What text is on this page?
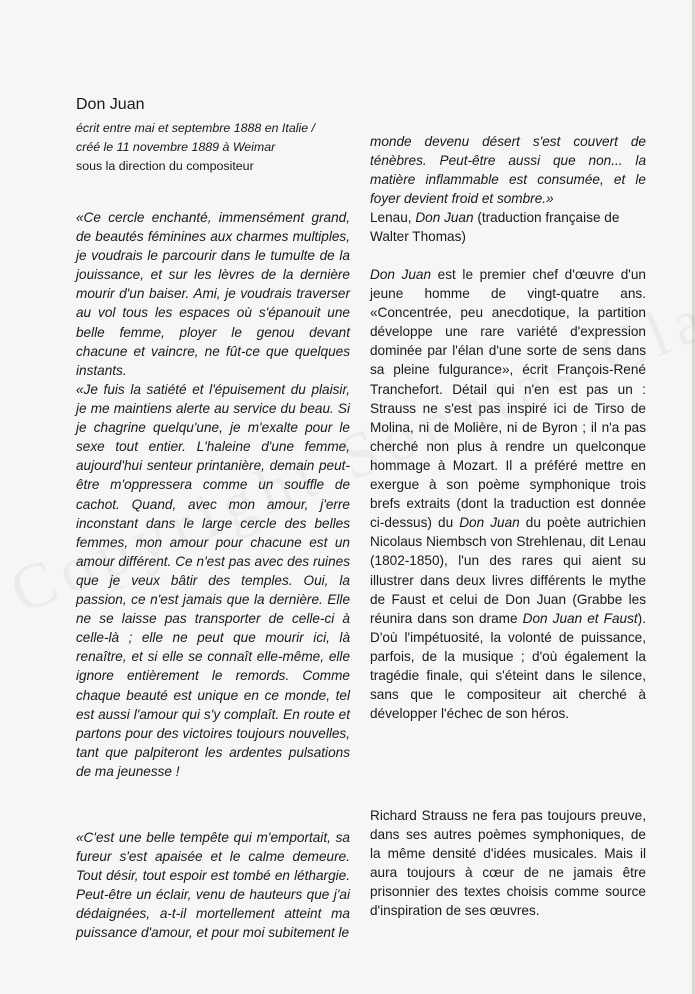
Don Juan
écrit entre mai et septembre 1888 en Italie /
créé le 11 novembre 1889 à Weimar
sous la direction du compositeur

«Ce cercle enchanté, immensément grand, de beautés féminines aux charmes multiples, je voudrais le parcourir dans le tumulte de la jouissance, et sur les lèvres de la dernière mourir d'un baiser. Ami, je voudrais traverser au vol tous les espaces où s'épanouit une belle femme, ployer le genou devant chacune et vaincre, ne fût-ce que quelques instants.

«Je fuis la satiété et l'épuisement du plaisir, je me maintiens alerte au service du beau. Si je chagrine quelqu'une, je m'exalte pour le sexe tout entier. L'haleine d'une femme, aujourd'hui senteur printanière, demain peut-être m'oppressera comme un souffle de cachot. Quand, avec mon amour, j'erre inconstant dans le large cercle des belles femmes, mon amour pour chacune est un amour différent. Ce n'est pas avec des ruines que je veux bâtir des temples. Oui, la passion, ce n'est jamais que la dernière. Elle ne se laisse pas transporter de celle-ci à celle-là ; elle ne peut que mourir ici, là renaître, et si elle se connaît elle-même, elle ignore entièrement le remords. Comme chaque beauté est unique en ce monde, tel est aussi l'amour qui s'y complaît. En route et partons pour des victoires toujours nouvelles, tant que palpiteront les ardentes pulsations de ma jeunesse !

«C'est une belle tempête qui m'emportait, sa fureur s'est apaisée et le calme demeure. Tout désir, tout espoir est tombé en léthargie. Peut-être un éclair, venu de hauteurs que j'ai dédaignées, a-t-il mortellement atteint ma puissance d'amour, et pour moi subitement le

monde devenu désert s'est couvert de ténèbres. Peut-être aussi que non... la matière inflammable est consumée, et le foyer devient froid et sombre.»

Lenau, Don Juan (traduction française de Walter Thomas)

Don Juan est le premier chef d'œuvre d'un jeune homme de vingt-quatre ans. «Concentrée, peu anecdotique, la partition développe une rare variété d'expression dominée par l'élan d'une sorte de sens dans sa pleine fulgurance», écrit François-René Tranchefort. Détail qui n'en est pas un : Strauss ne s'est pas inspiré ici de Tirso de Molina, ni de Molière, ni de Byron ; il n'a pas cherché non plus à rendre un quelconque hommage à Mozart. Il a préféré mettre en exergue à son poème symphonique trois brefs extraits (dont la traduction est donnée ci-dessus) du Don Juan du poète autrichien Nicolaus Niembsch von Strehlenau, dit Lenau (1802-1850), l'un des rares qui aient su illustrer dans deux livres différents le mythe de Faust et celui de Don Juan (Grabbe les réunira dans son drame Don Juan et Faust). D'où l'impétuosité, la volonté de puissance, parfois, de la musique ; d'où également la tragédie finale, qui s'éteint dans le silence, sans que le compositeur ait cherché à développer l'échec de son héros.

Richard Strauss ne fera pas toujours preuve, dans ses autres poèmes symphoniques, de la même densité d'idées musicales. Mais il aura toujours à cœur de ne jamais être prisonnier des textes choisis comme source d'inspiration de ses œuvres.
